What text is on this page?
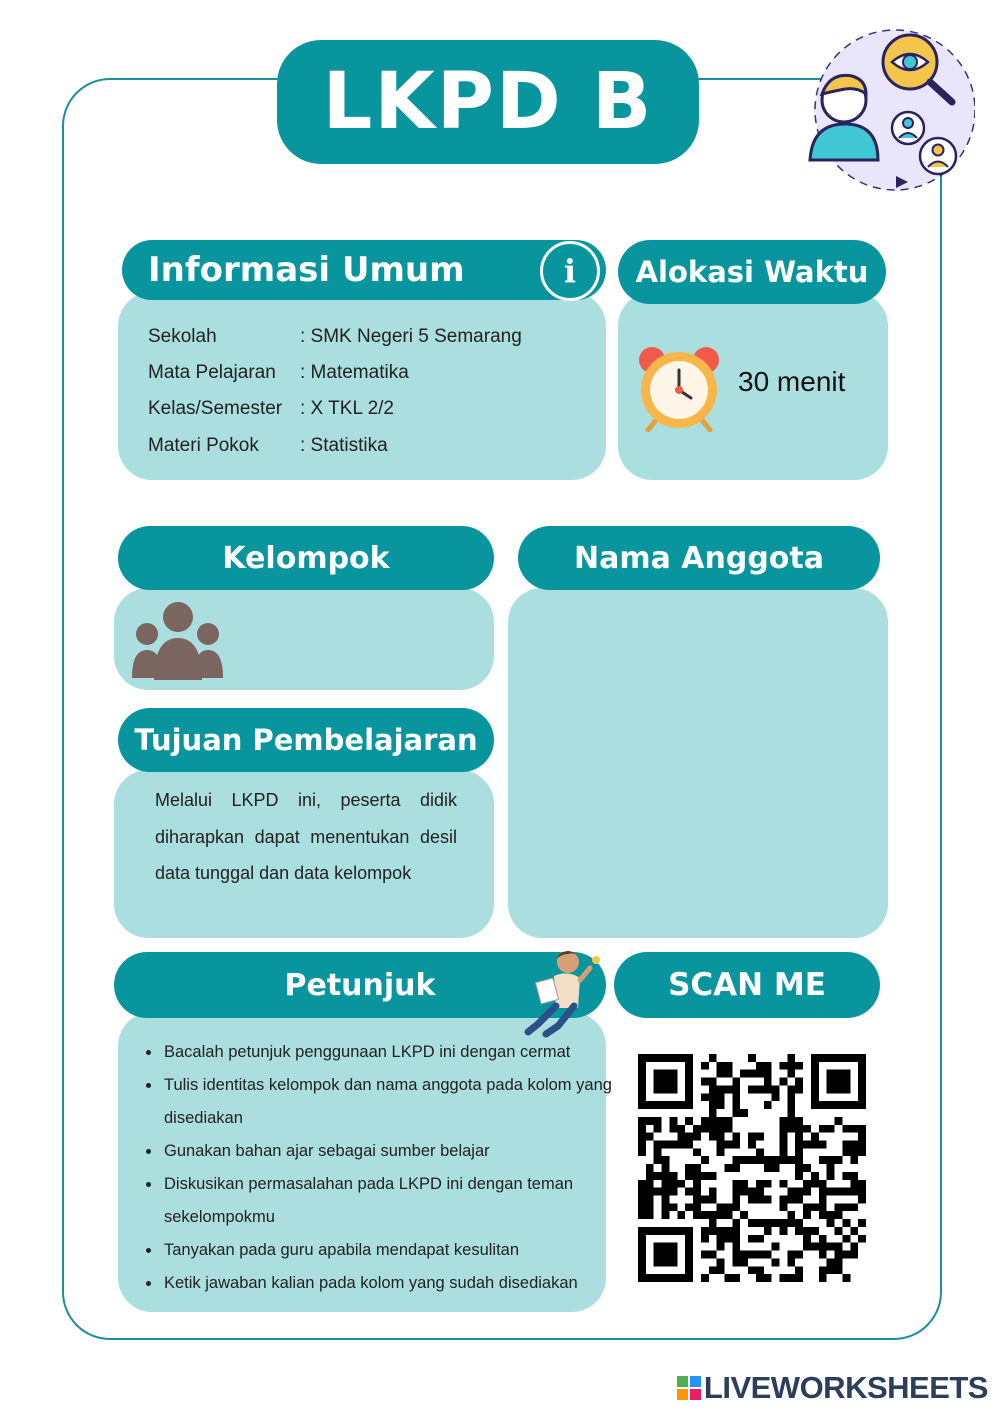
LKPD B
Informasi Umum	i
Sekolah	: SMK Negeri 5 Semarang
Mata Pelajaran : Matematika
Kelas/Semester : X TKL 2/2
Materi Pokok : Statistika
Alokasi Waktu
30 menit
Kelompok	Nama Anggota
Tujuan Pembelajaran
Melalui LKPD ini, peserta didik diharapkan dapat menentukan desil data tunggal dan data kelompok
Petunjuk
• Bacalah petunjuk penggunaan LKPD ini dengan cermat
• Tulis identitas kelompok dan nama anggota pada kolom yang disediakan
• Gunakan bahan ajar sebagai sumber belajar
• Diskusikan permasalahan pada LKPD ini dengan teman sekelompokmu
• Tanyakan pada guru apabila mendapat kesulitan
• Ketik jawaban kalian pada kolom yang sudah disediakan
SCAN ME
LIVEWORKSHEETS
